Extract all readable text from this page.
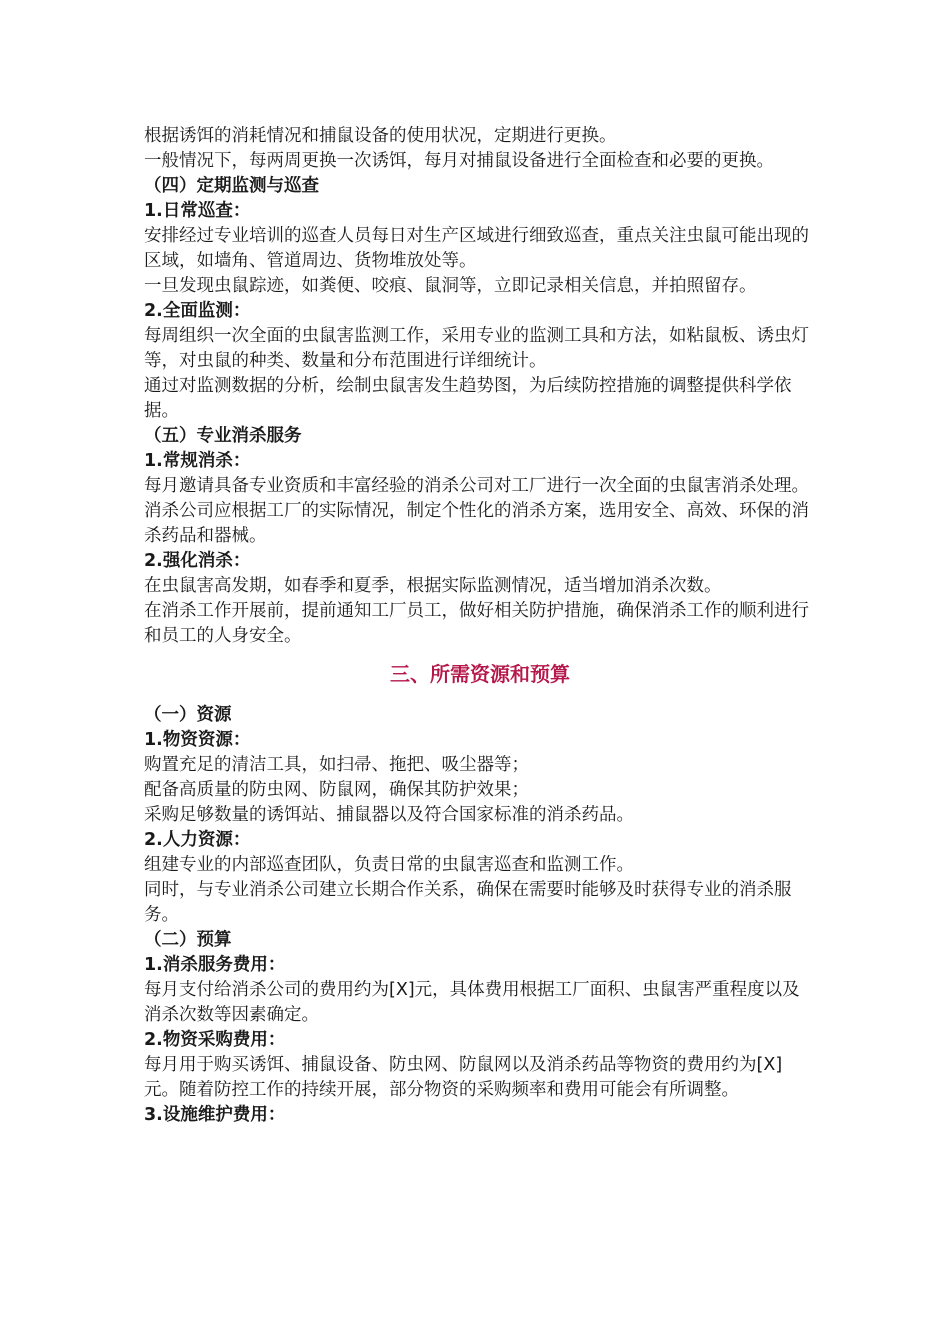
根据诱饵的消耗情况和捕鼠设备的使用状况，定期进行更换。

一般情况下，每两周更换一次诱饵，每月对捕鼠设备进行全面检查和必要的更换。

（四）定期监测与巡查

1.日常巡查：

安排经过专业培训的巡查人员每日对生产区域进行细致巡查，重点关注虫鼠可能出现的区域，如墙角、管道周边、货物堆放处等。

一旦发现虫鼠踪迹，如粪便、咬痕、鼠洞等，立即记录相关信息，并拍照留存。

2.全面监测：

每周组织一次全面的虫鼠害监测工作，采用专业的监测工具和方法，如粘鼠板、诱虫灯等，对虫鼠的种类、数量和分布范围进行详细统计。

通过对监测数据的分析，绘制虫鼠害发生趋势图，为后续防控措施的调整提供科学依据。

（五）专业消杀服务

1.常规消杀：

每月邀请具备专业资质和丰富经验的消杀公司对工厂进行一次全面的虫鼠害消杀处理。

消杀公司应根据工厂的实际情况，制定个性化的消杀方案，选用安全、高效、环保的消杀药品和器械。

2.强化消杀：

在虫鼠害高发期，如春季和夏季，根据实际监测情况，适当增加消杀次数。

在消杀工作开展前，提前通知工厂员工，做好相关防护措施，确保消杀工作的顺利进行和员工的人身安全。

三、所需资源和预算

（一）资源

1.物资资源：

购置充足的清洁工具，如扫帚、拖把、吸尘器等；

配备高质量的防虫网、防鼠网，确保其防护效果；

采购足够数量的诱饵站、捕鼠器以及符合国家标准的消杀药品。

2.人力资源：

组建专业的内部巡查团队，负责日常的虫鼠害巡查和监测工作。

同时，与专业消杀公司建立长期合作关系，确保在需要时能够及时获得专业的消杀服务。

（二）预算

1.消杀服务费用：

每月支付给消杀公司的费用约为[X]元，具体费用根据工厂面积、虫鼠害严重程度以及消杀次数等因素确定。

2.物资采购费用：

每月用于购买诱饵、捕鼠设备、防虫网、防鼠网以及消杀药品等物资的费用约为[X]元。随着防控工作的持续开展，部分物资的采购频率和费用可能会有所调整。

3.设施维护费用：
